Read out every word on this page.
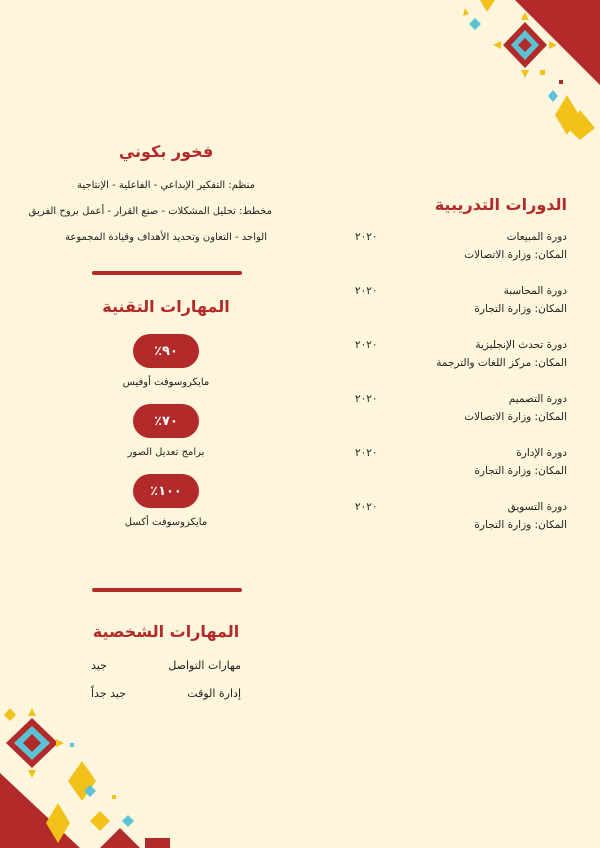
الدورات التدريبية
دورة المبيعات
المكان: وزارة الاتصالات
٢٠٢٠
دورة المحاسبة
المكان: وزارة التجارة
٢٠٢٠
دورة تحدث الإنجليزية
المكان: مركز اللغات والترجمة
٢٠٢٠
دورة التصميم
المكان: وزارة الاتصالات
٢٠٢٠
دورة الإدارة
المكان: وزارة التجارة
٢٠٢٠
دورة التسويق
المكان: وزارة التجارة
٢٠٢٠
فخور بكوني
منظم: التفكير الإبداعي - الفاعلية - الإنتاجية
مخطط: تحليل المشكلات - صنع القرار - أعمل بروح الفريق
الواحد - التعاون وتحديد الأهداف وقيادة المجموعة
المهارات التقنية
٩٠٪
مايكروسوفت أوفيس
٧٠٪
برامج تعديل الصور
١٠٠٪
مايكروسوفت أكسل
المهارات الشخصية
مهارات التواصل
جيد
إدارة الوقت
جيد جداً
